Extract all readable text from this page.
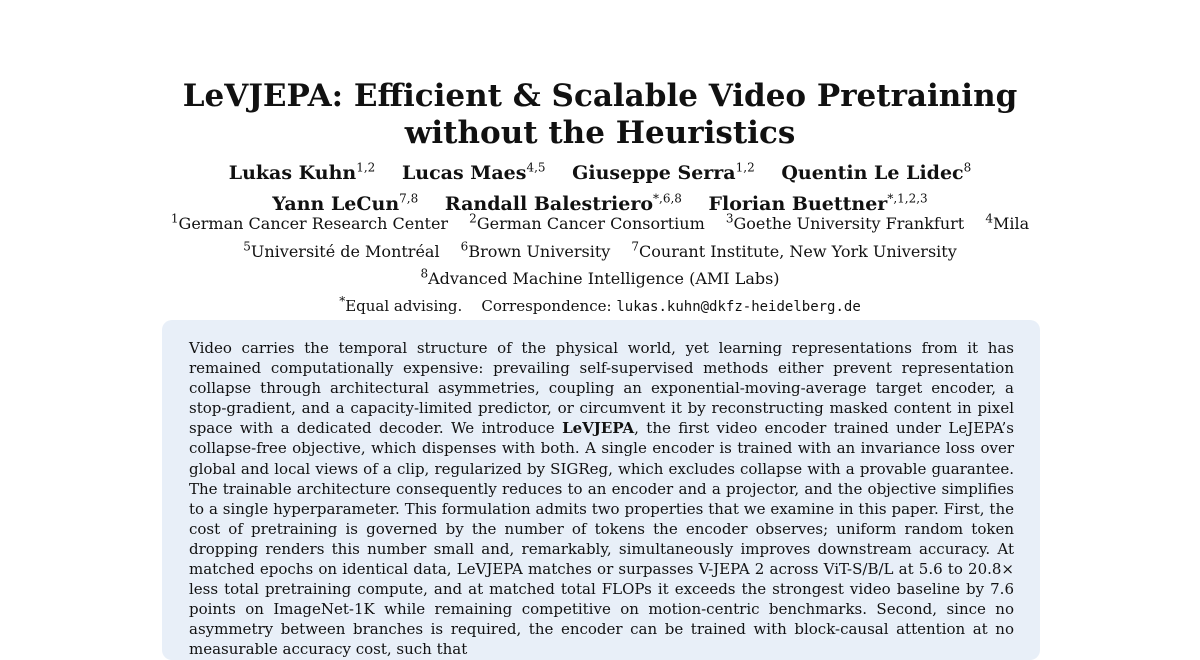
LeVJEPA: Efficient & Scalable Video Pretraining
without the Heuristics
Lukas Kuhn$^{1,2}$ Lucas Maes$^{4,5}$ Giuseppe Serra$^{1,2}$ Quentin Le Lidec$^8$
Yann LeCun$^{7,8}$ Randall Balestriero$^{*,6,8}$ Florian Buettner$^{*,1,2,3}$
$^1$German Cancer Research Center $^2$German Cancer Consortium $^3$Goethe University Frankfurt $^4$Mila
$^5$Université de Montréal $^6$Brown University $^7$Courant Institute, New York University
$^8$Advanced Machine Intelligence (AMI Labs)
*Equal advising. Correspondence: lukas.kuhn@dkfz-heidelberg.de

Video carries the temporal structure of the physical world, yet learning representations from it has remained computationally expensive: prevailing self-supervised methods either prevent representation collapse through architectural asymmetries, coupling an exponential-moving-average target encoder, a stop-gradient, and a capacity-limited predictor, or circumvent it by reconstructing masked content in pixel space with a dedicated decoder. We introduce LeVJEPA, the first video encoder trained under LeJEPA’s collapse-free objective, which dispenses with both. A single encoder is trained with an invariance loss over global and local views of a clip, regularized by SIGReg, which excludes collapse with a provable guarantee. The trainable architecture consequently reduces to an encoder and a projector, and the objective simplifies to a single hyperparameter. This formulation admits two properties that we examine in this paper. First, the cost of pretraining is governed by the number of tokens the encoder observes; uniform random token dropping renders this number small and, remarkably, simultaneously improves downstream accuracy. At matched epochs on identical data, LeVJEPA matches or surpasses V-JEPA 2 across ViT-S/B/L at 5.6 to 20.8× less total pretraining compute, and at matched total FLOPs it exceeds the strongest video baseline by 7.6 points on ImageNet-1K while remaining competitive on motion-centric benchmarks. Second, since no asymmetry between branches is required, the encoder can be trained with block-causal attention at no measurable accuracy cost, such that
